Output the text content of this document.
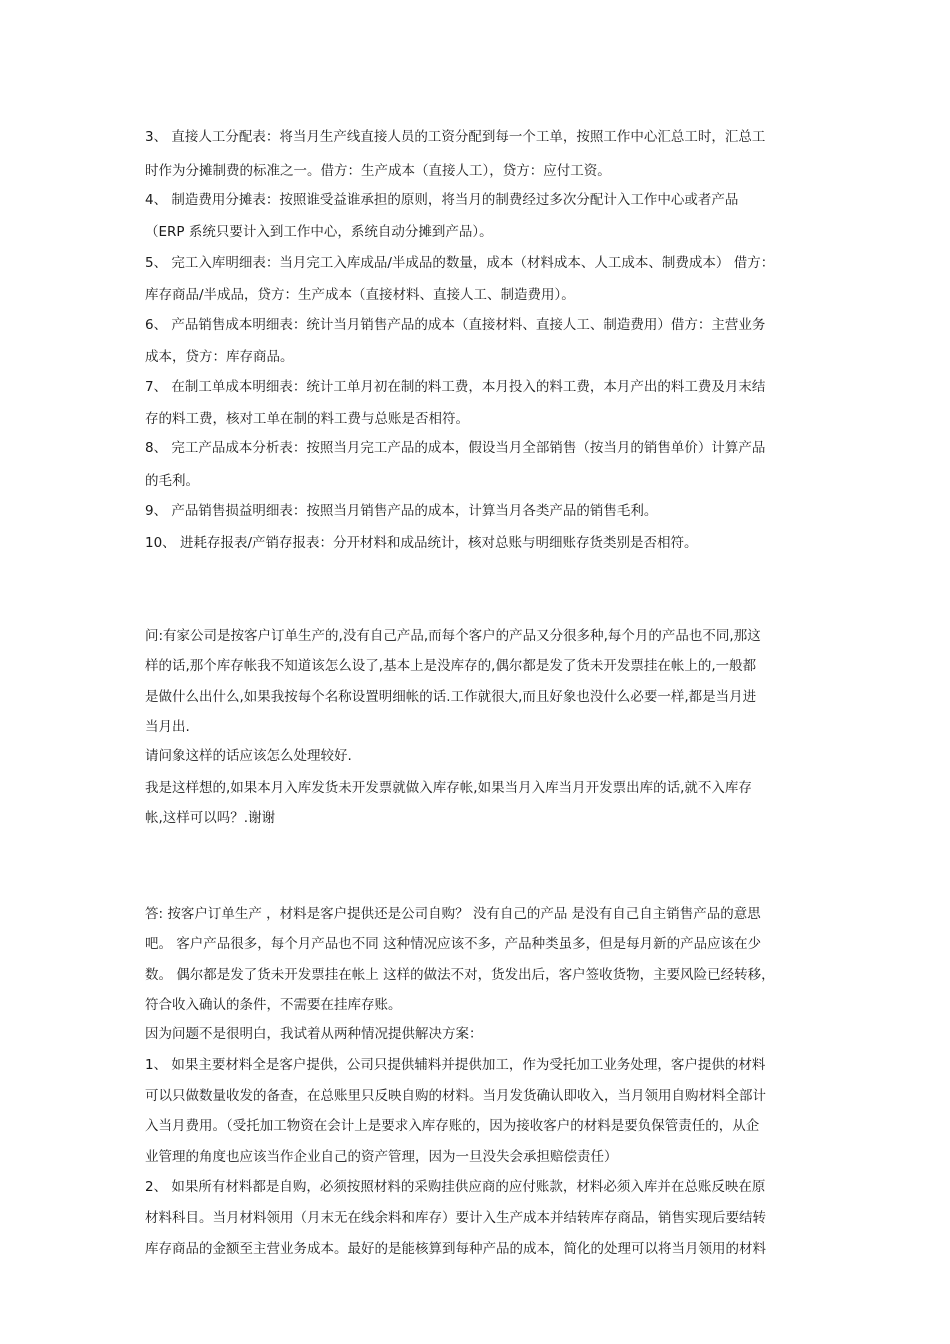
3、 直接人工分配表：将当月生产线直接人员的工资分配到每一个工单，按照工作中心汇总工时，汇总工
时作为分摊制费的标准之一。借方：生产成本（直接人工），贷方：应付工资。
4、 制造费用分摊表：按照谁受益谁承担的原则，将当月的制费经过多次分配计入工作中心或者产品
（ERP 系统只要计入到工作中心，系统自动分摊到产品）。
5、 完工入库明细表：当月完工入库成品/半成品的数量，成本（材料成本、人工成本、制费成本） 借方：
库存商品/半成品，贷方：生产成本（直接材料、直接人工、制造费用）。
6、 产品销售成本明细表：统计当月销售产品的成本（直接材料、直接人工、制造费用）借方：主营业务
成本，贷方：库存商品。
7、 在制工单成本明细表：统计工单月初在制的料工费，本月投入的料工费，本月产出的料工费及月末结
存的料工费，核对工单在制的料工费与总账是否相符。
8、 完工产品成本分析表：按照当月完工产品的成本，假设当月全部销售（按当月的销售单价）计算产品
的毛利。
9、 产品销售损益明细表：按照当月销售产品的成本，计算当月各类产品的销售毛利。
10、 进耗存报表/产销存报表：分开材料和成品统计，核对总账与明细账存货类别是否相符。
问:有家公司是按客户订单生产的,没有自己产品,而每个客户的产品又分很多种,每个月的产品也不同,那这
样的话,那个库存帐我不知道该怎么设了,基本上是没库存的,偶尔都是发了货未开发票挂在帐上的,一般都
是做什么出什么,如果我按每个名称设置明细帐的话.工作就很大,而且好象也没什么必要一样,都是当月进
当月出.
请问象这样的话应该怎么处理较好.
我是这样想的,如果本月入库发货未开发票就做入库存帐,如果当月入库当月开发票出库的话,就不入库存
帐,这样可以吗？.谢谢
答: 按客户订单生产 ，材料是客户提供还是公司自购？ 没有自己的产品 是没有自己自主销售产品的意思
吧。 客户产品很多，每个月产品也不同 这种情况应该不多，产品种类虽多，但是每月新的产品应该在少
数。 偶尔都是发了货未开发票挂在帐上 这样的做法不对，货发出后，客户签收货物，主要风险已经转移，
符合收入确认的条件，不需要在挂库存账。
因为问题不是很明白，我试着从两种情况提供解决方案：
1、 如果主要材料全是客户提供，公司只提供辅料并提供加工，作为受托加工业务处理，客户提供的材料
可以只做数量收发的备查，在总账里只反映自购的材料。当月发货确认即收入，当月领用自购材料全部计
入当月费用。（受托加工物资在会计上是要求入库存账的，因为接收客户的材料是要负保管责任的，从企
业管理的角度也应该当作企业自己的资产管理，因为一旦没失会承担赔偿责任）
2、 如果所有材料都是自购，必须按照材料的采购挂供应商的应付账款，材料必须入库并在总账反映在原
材料科目。当月材料领用（月末无在线余料和库存）要计入生产成本并结转库存商品，销售实现后要结转
库存商品的金额至主营业务成本。最好的是能核算到每种产品的成本，简化的处理可以将当月领用的材料
